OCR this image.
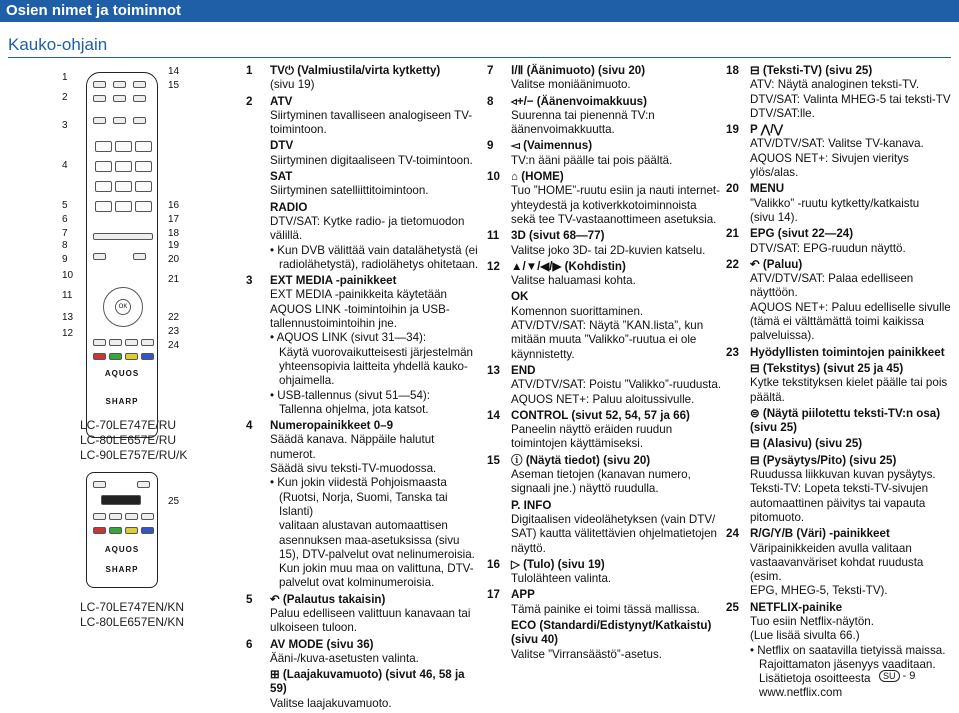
Osien nimet ja toiminnot
Kauko-ohjain
1
2
3
4
5
6
7
8
9
10
11
12
13
14
15
16
17
18
19
20
21
22
23
24
OK
AQUOS
SHARP
LC-70LE747E/RU
LC-80LE657E/RU
LC-90LE757E/RU/K
AQUOS
SHARP
25
LC-70LE747EN/KN
LC-80LE657EN/KN
1 TV⏻ (Valmiustila/virta kytketty)
(sivu 19)
2 ATV
Siirtyminen tavalliseen analogiseen TV-
toimintoon.
DTV
Siirtyminen digitaaliseen TV-toimintoon.
SAT
Siirtyminen satelliittitoimintoon.
RADIO
DTV/SAT: Kytke radio- ja tietomuodon
välillä.
• Kun DVB välittää vain datalähetystä (ei
radiolähetystä), radiolähetys ohitetaan.
3 EXT MEDIA -painikkeet
EXT MEDIA -painikkeita käytetään
AQUOS LINK -toimintoihin ja USB-
tallennustoimintoihin jne.
• AQUOS LINK (sivut 31—34):
Käytä vuorovaikutteisesti järjestelmän
yhteensopivia laitteita yhdellä kauko-
ohjaimella.
• USB-tallennus (sivut 51—54):
Tallenna ohjelma, jota katsot.
4 Numeropainikkeet 0–9
Säädä kanava. Näppäile halutut numerot.
Säädä sivu teksti-TV-muodossa.
• Kun jokin viidestä Pohjoismaasta
(Ruotsi, Norja, Suomi, Tanska tai Islanti)
valitaan alustavan automaattisen
asennuksen maa-asetuksissa (sivu
15), DTV-palvelut ovat nelinumeroisia.
Kun jokin muu maa on valittuna, DTV-
palvelut ovat kolminumeroisia.
5 ↶ (Palautus takaisin)
Paluu edelliseen valittuun kanavaan tai
ulkoiseen tuloon.
6 AV MODE (sivu 36)
Ääni-/kuva-asetusten valinta.
⊞ (Laajakuvamuoto) (sivut 46, 58 ja
59)
Valitse laajakuvamuoto.
7 Ⅰ/Ⅱ (Äänimuoto) (sivu 20)
Valitse moniäänimuoto.
8 ◃+/− (Äänenvoimakkuus)
Suurenna tai pienennä TV:n
äänenvoimakkuutta.
9 ◅ (Vaimennus)
TV:n ääni päälle tai pois päältä.
10 ⌂ (HOME)
Tuo ”HOME”-ruutu esiin ja nauti internet-
yhteydestä ja kotiverkkotoiminnoista
sekä tee TV-vastaanottimeen asetuksia.
11 3D (sivut 68—77)
Valitse joko 3D- tai 2D-kuvien katselu.
12 ▲/▼/◀/▶ (Kohdistin)
Valitse haluamasi kohta.
OK
Komennon suorittaminen.
ATV/DTV/SAT: Näytä ”KAN.lista”, kun
mitään muuta ”Valikko”-ruutua ei ole
käynnistetty.
13 END
ATV/DTV/SAT: Poistu ”Valikko”-ruudusta.
AQUOS NET+: Paluu aloitussivulle.
14 CONTROL (sivut 52, 54, 57 ja 66)
Paneelin näyttö eräiden ruudun
toimintojen käyttämiseksi.
15 ⓘ (Näytä tiedot) (sivu 20)
Aseman tietojen (kanavan numero,
signaali jne.) näyttö ruudulla.
P. INFO
Digitaalisen videolähetyksen (vain DTV/
SAT) kautta välitettävien ohjelmatietojen
näyttö.
16 ▷ (Tulo) (sivu 19)
Tulolähteen valinta.
17 APP
Tämä painike ei toimi tässä mallissa.
ECO (Standardi/Edistynyt/Katkaistu)
(sivu 40)
Valitse ”Virransäästö”-asetus.
18 ⊟ (Teksti-TV) (sivu 25)
ATV: Näytä analoginen teksti-TV.
DTV/SAT: Valinta MHEG-5 tai teksti-TV
DTV/SAT:lle.
19 P ⋀/⋁
ATV/DTV/SAT: Valitse TV-kanava.
AQUOS NET+: Sivujen vieritys ylös/alas.
20 MENU
”Valikko” -ruutu kytketty/katkaistu
(sivu 14).
21 EPG (sivut 22—24)
DTV/SAT: EPG-ruudun näyttö.
22 ↶ (Paluu)
ATV/DTV/SAT: Palaa edelliseen näyttöön.
AQUOS NET+: Paluu edelliselle sivulle
(tämä ei välttämättä toimi kaikissa
palveluissa).
23 Hyödyllisten toimintojen painikkeet
⊟ (Tekstitys) (sivut 25 ja 45)
Kytke tekstityksen kielet päälle tai pois
päältä.
⊜ (Näytä piilotettu teksti-TV:n osa)
(sivu 25)
⊟ (Alasivu) (sivu 25)
⊟ (Pysäytys/Pito) (sivu 25)
Ruudussa liikkuvan kuvan pysäytys.
Teksti-TV: Lopeta teksti-TV-sivujen
automaattinen päivitys tai vapauta
pitomuoto.
24 R/G/Y/B (Väri) -painikkeet
Väripainikkeiden avulla valitaan
vastaavanväriset kohdat ruudusta (esim.
EPG, MHEG-5, Teksti-TV).
25 NETFLIX-painike
Tuo esiin Netflix-näytön.
(Lue lisää sivulta 66.)
• Netflix on saatavilla tietyissä maissa.
Rajoittamaton jäsenyys vaaditaan.
Lisätietoja osoitteesta
www.netflix.com
SU - 9
